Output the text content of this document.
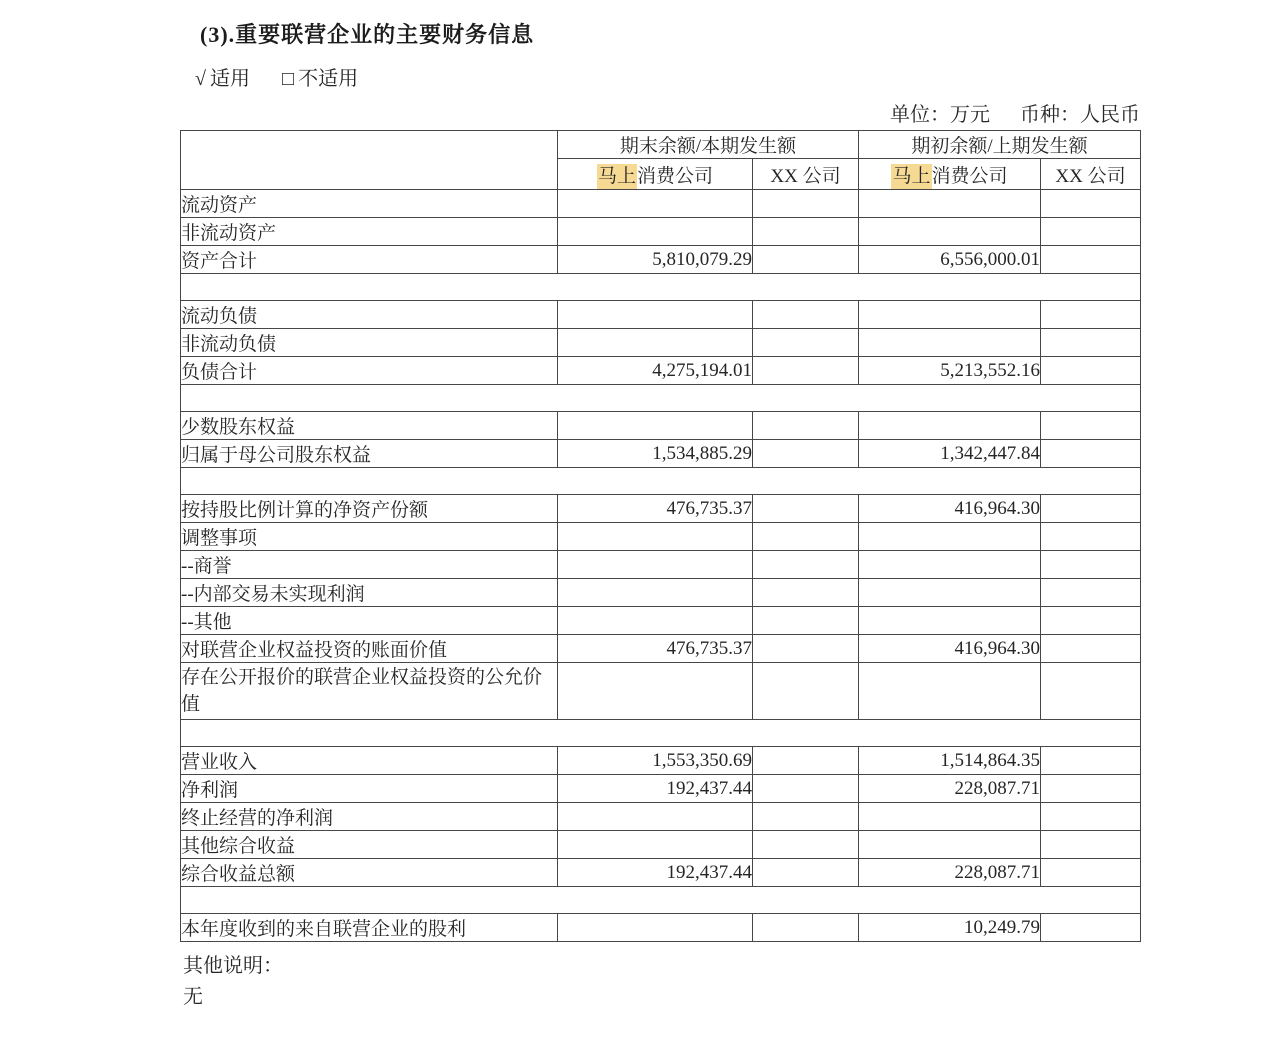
(3).重要联营企业的主要财务信息
√ 适用 □ 不适用
单位：万元 币种：人民币
	期末余额/本期发生额		期初余额/上期发生额	
	马上消费公司	XX 公司	马上消费公司	XX 公司
流动资产				
非流动资产				
资产合计	5,810,079.29		6,556,000.01	

流动负债				
非流动负债				
负债合计	4,275,194.01		5,213,552.16	

少数股东权益				
归属于母公司股东权益	1,534,885.29		1,342,447.84	

按持股比例计算的净资产份额	476,735.37		416,964.30	
调整事项				
--商誉				
--内部交易未实现利润				
--其他				
对联营企业权益投资的账面价值	476,735.37		416,964.30	
存在公开报价的联营企业权益投资的公允价值				

营业收入	1,553,350.69		1,514,864.35	
净利润	192,437.44		228,087.71	
终止经营的净利润				
其他综合收益				
综合收益总额	192,437.44		228,087.71	

本年度收到的来自联营企业的股利			10,249.79	
其他说明：
无
